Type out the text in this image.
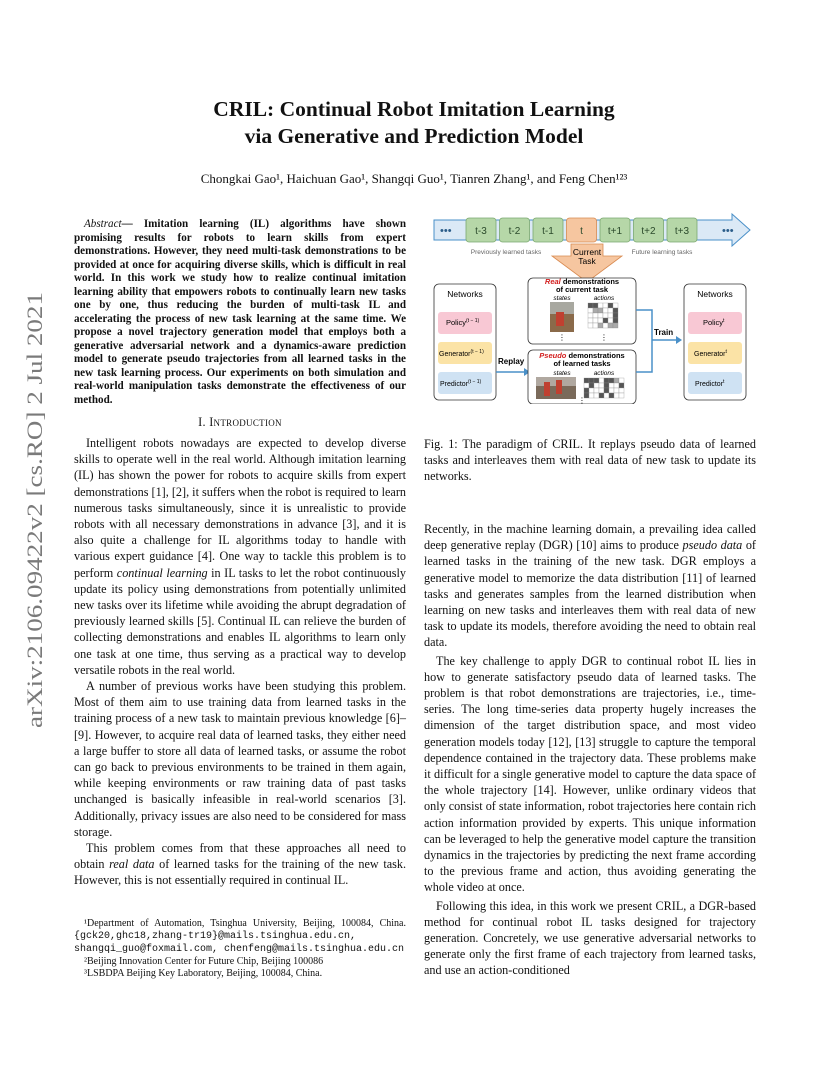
arXiv:2106.09422v2 [cs.RO] 2 Jul 2021
CRIL: Continual Robot Imitation Learning
via Generative and Prediction Model
Chongkai Gao¹, Haichuan Gao¹, Shangqi Guo¹, Tianren Zhang¹, and Feng Chen¹²³

Abstract— Imitation learning (IL) algorithms have shown promising results for robots to learn skills from expert demonstrations. However, they need multi-task demonstrations to be provided at once for acquiring diverse skills, which is difficult in real world. In this work we study how to realize continual imitation learning ability that empowers robots to continually learn new tasks one by one, thus reducing the burden of multi-task IL and accelerating the process of new task learning at the same time. We propose a novel trajectory generation model that employs both a generative adversarial network and a dynamics-aware prediction model to generate pseudo trajectories from all learned tasks in the new task learning process. Our experiments on both simulation and real-world manipulation tasks demonstrate the effectiveness of our method.

I. Introduction

Intelligent robots nowadays are expected to develop diverse skills to operate well in the real world. Although imitation learning (IL) has shown the power for robots to acquire skills from expert demonstrations [1], [2], it suffers when the robot is required to learn numerous tasks simultaneously, since it is unrealistic to provide robots with all necessary demonstrations in advance [3], and it is also quite a challenge for IL algorithms today to handle with various expert guidance [4]. One way to tackle this problem is to perform continual learning in IL tasks to let the robot continuously update its policy using demonstrations from potentially unlimited new tasks over its lifetime while avoiding the abrupt degradation of previously learned skills [5]. Continual IL can relieve the burden of collecting demonstrations and enables IL algorithms to learn only one task at one time, thus serving as a practical way to develop versatile robots in the real world.

A number of previous works have been studying this problem. Most of them aim to use training data from learned tasks in the training process of a new task to maintain previous knowledge [6]–[9]. However, to acquire real data of learned tasks, they either need a large buffer to store all data of learned tasks, or assume the robot can go back to previous environments to be trained in them again, while keeping environments or raw training data of past tasks unchanged is basically infeasible in real-world scenarios [3]. Additionally, privacy issues are also need to be considered for mass storage.

This problem comes from that these approaches all need to obtain real data of learned tasks for the training of the new task. However, this is not essentially required in continual IL.

¹Department of Automation, Tsinghua University, Beijing, 100084, China. {gck20,ghc18,zhang-tr19}@mails.tsinghua.edu.cn, shangqi_guo@foxmail.com, chenfeng@mails.tsinghua.edu.cn
²Beijing Innovation Center for Future Chip, Beijing 100086
³LSBDPA Beijing Key Laboratory, Beijing, 100084, China.
•••	•••
t-3 t-2 t-1	t	t+1 t+2 t+3
Current
Task
Previously learned tasks	Future learning tasks
Networks
Policy$^{(t - 1)}$
Generator$^{(t - 1)}$
Predictor$^{(t - 1)}$
Replay
Real demonstrations
of current task
states	actions
⋮	⋮
Pseudo demonstrations
of learned tasks
states	actions
⋮
Train
Networks
Policy$^t$
Generator$^t$
Predictor$^t$
Fig. 1: The paradigm of CRIL. It replays pseudo data of learned tasks and interleaves them with real data of new task to update its networks.

Recently, in the machine learning domain, a prevailing idea called deep generative replay (DGR) [10] aims to produce pseudo data of learned tasks in the training of the new task. DGR employs a generative model to memorize the data distribution [11] of learned tasks and generates samples from the learned distribution when learning on new tasks and interleaves them with real data of new task to update its models, therefore avoiding the need to obtain real data.

The key challenge to apply DGR to continual robot IL lies in how to generate satisfactory pseudo data of learned tasks. The problem is that robot demonstrations are trajectories, i.e., time-series. The long time-series data property hugely increases the dimension of the target distribution space, and most video generation models today [12], [13] struggle to capture the temporal dependence contained in the trajectory data. These problems make it difficult for a single generative model to capture the data space of the whole trajectory [14]. However, unlike ordinary videos that only consist of state information, robot trajectories here contain rich action information provided by experts. This unique information can be leveraged to help the generative model capture the transition dynamics in the trajectories by predicting the next frame according to the previous frame and action, thus avoiding generating the whole video at once.

Following this idea, in this work we present CRIL, a DGR-based method for continual robot IL tasks designed for trajectory generation. Concretely, we use generative adversarial networks to generate only the first frame of each trajectory from learned tasks, and use an action-conditioned
